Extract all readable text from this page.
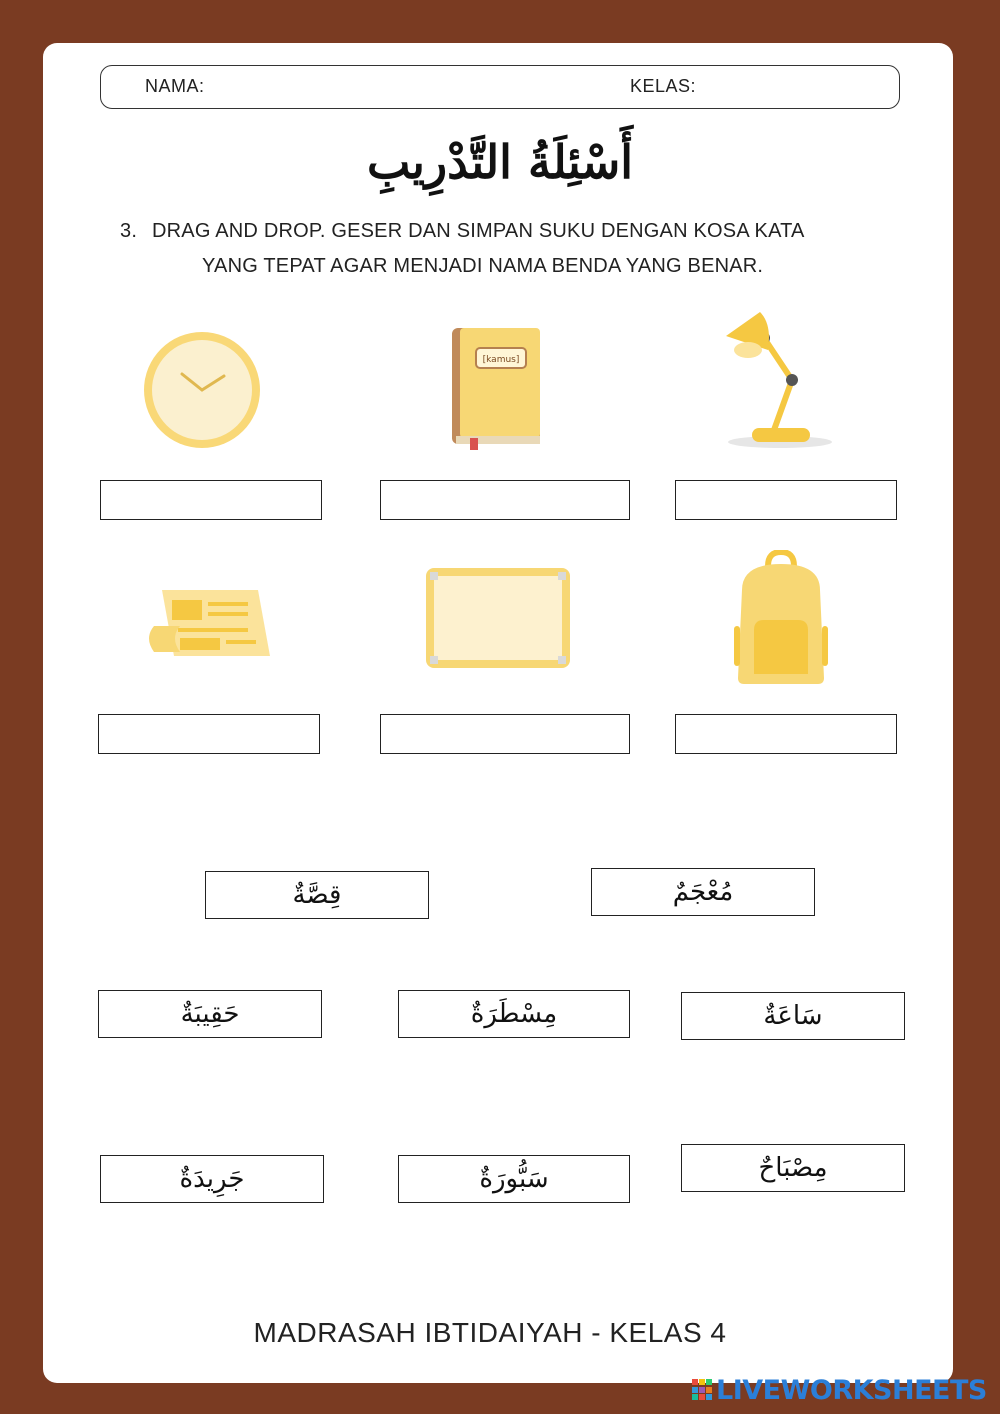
NAMA:	KELAS:
أَسْئِلَةُ التَّدْرِيبِ
3. DRAG AND DROP. GESER DAN SIMPAN SUKU DENGAN KOSA KATA
YANG TEPAT AGAR MENJADI NAMA BENDA YANG BENAR.
[kamus]
قِصَّةٌ	مُعْجَمٌ
حَقِيبَةٌ	مِسْطَرَةٌ	سَاعَةٌ
جَرِيدَةٌ	سَبُّورَةٌ	مِصْبَاحٌ
MADRASAH IBTIDAIYAH - KELAS 4
LIVEWORKSHEETS
